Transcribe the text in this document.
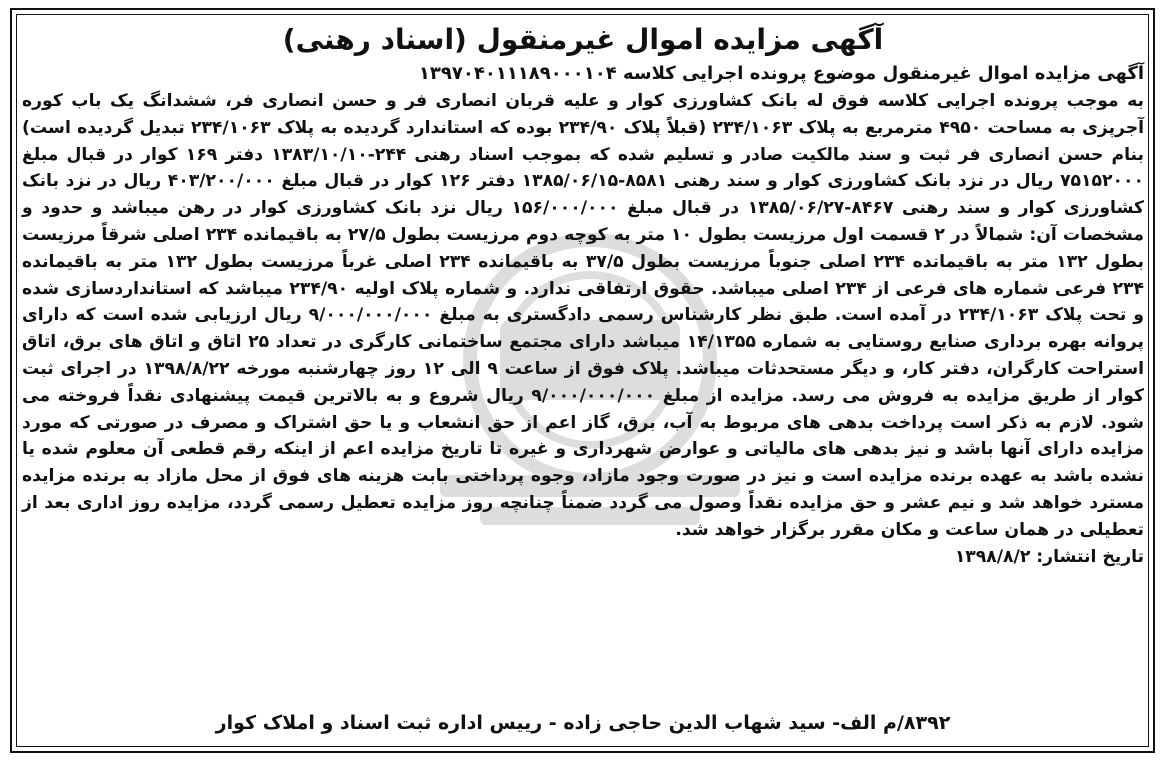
آگهی مزایده اموال غیرمنقول (اسناد رهنی)

آگهی مزایده اموال غیرمنقول موضوع پرونده اجرایی کلاسه ۱۳۹۷۰۴۰۱۱۱۸۹۰۰۰۱۰۴

به موجب پرونده اجرایی کلاسه فوق له بانک کشاورزی کوار و علیه قربان انصاری فر و حسن انصاری فر، ششدانگ یک باب کوره آجرپزی به مساحت ۴۹۵۰ مترمربع به پلاک ۲۳۴/۱۰۶۳ (قبلاً پلاک ۲۳۴/۹۰ بوده که استاندارد گردیده به پلاک ۲۳۴/۱۰۶۳ تبدیل گردیده است) بنام حسن انصاری فر ثبت و سند مالکیت صادر و تسلیم شده که بموجب اسناد رهنی ۲۴۴-۱۳۸۳/۱۰/۱۰ دفتر ۱۶۹ کوار در قبال مبلغ ۷۵۱۵۲۰۰۰ ریال در نزد بانک کشاورزی کوار و سند رهنی ۸۵۸۱-۱۳۸۵/۰۶/۱۵ دفتر ۱۲۶ کوار در قبال مبلغ ۴۰۳/۲۰۰/۰۰۰ ریال در نزد بانک کشاورزی کوار و سند رهنی ۸۴۶۷-۱۳۸۵/۰۶/۲۷ در قبال مبلغ ۱۵۶/۰۰۰/۰۰۰ ریال نزد بانک کشاورزی کوار در رهن میباشد و حدود و مشخصات آن: شمالاً در ۲ قسمت اول مرزیست بطول ۱۰ متر به کوچه دوم مرزیست بطول ۲۷/۵ به باقیمانده ۲۳۴ اصلی شرقاً مرزیست بطول ۱۳۲ متر به باقیمانده ۲۳۴ اصلی جنوباً مرزیست بطول ۳۷/۵ به باقیمانده ۲۳۴ اصلی غرباً مرزیست بطول ۱۳۲ متر به باقیمانده ۲۳۴ فرعی شماره های فرعی از ۲۳۴ اصلی میباشد. حقوق ارتفاقی ندارد. و شماره پلاک اولیه ۲۳۴/۹۰ میباشد که استانداردسازی شده و تحت پلاک ۲۳۴/۱۰۶۳ در آمده است. طبق نظر کارشناس رسمی دادگستری به مبلغ ۹/۰۰۰/۰۰۰/۰۰۰ ریال ارزیابی شده است که دارای پروانه بهره برداری صنایع روستایی به شماره ۱۴/۱۳۵۵ میباشد دارای مجتمع ساختمانی کارگری در تعداد ۲۵ اتاق و اتاق های برق، اتاق استراحت کارگران، دفتر کار، و دیگر مستحدثات میباشد. پلاک فوق از ساعت ۹ الی ۱۲ روز چهارشنبه مورخه ۱۳۹۸/۸/۲۲ در اجرای ثبت کوار از طریق مزایده به فروش می رسد. مزایده از مبلغ ۹/۰۰۰/۰۰۰/۰۰۰ ریال شروع و به بالاترین قیمت پیشنهادی نقداً فروخته می شود. لازم به ذکر است پرداخت بدهی های مربوط به آب، برق، گاز اعم از حق انشعاب و یا حق اشتراک و مصرف در صورتی که مورد مزایده دارای آنها باشد و نیز بدهی های مالیاتی و عوارض شهرداری و غیره تا تاریخ مزایده اعم از اینکه رقم قطعی آن معلوم شده یا نشده باشد به عهده برنده مزایده است و نیز در صورت وجود مازاد، وجوه پرداختی بابت هزینه های فوق از محل مازاد به برنده مزایده مسترد خواهد شد و نیم عشر و حق مزایده نقداً وصول می گردد ضمناً چنانچه روز مزایده تعطیل رسمی گردد، مزایده روز اداری بعد از تعطیلی در همان ساعت و مکان مقرر برگزار خواهد شد.

تاریخ انتشار: ۱۳۹۸/۸/۲

۸۳۹۲/م الف- سید شهاب الدین حاجی زاده - رییس اداره ثبت اسناد و املاک کوار
